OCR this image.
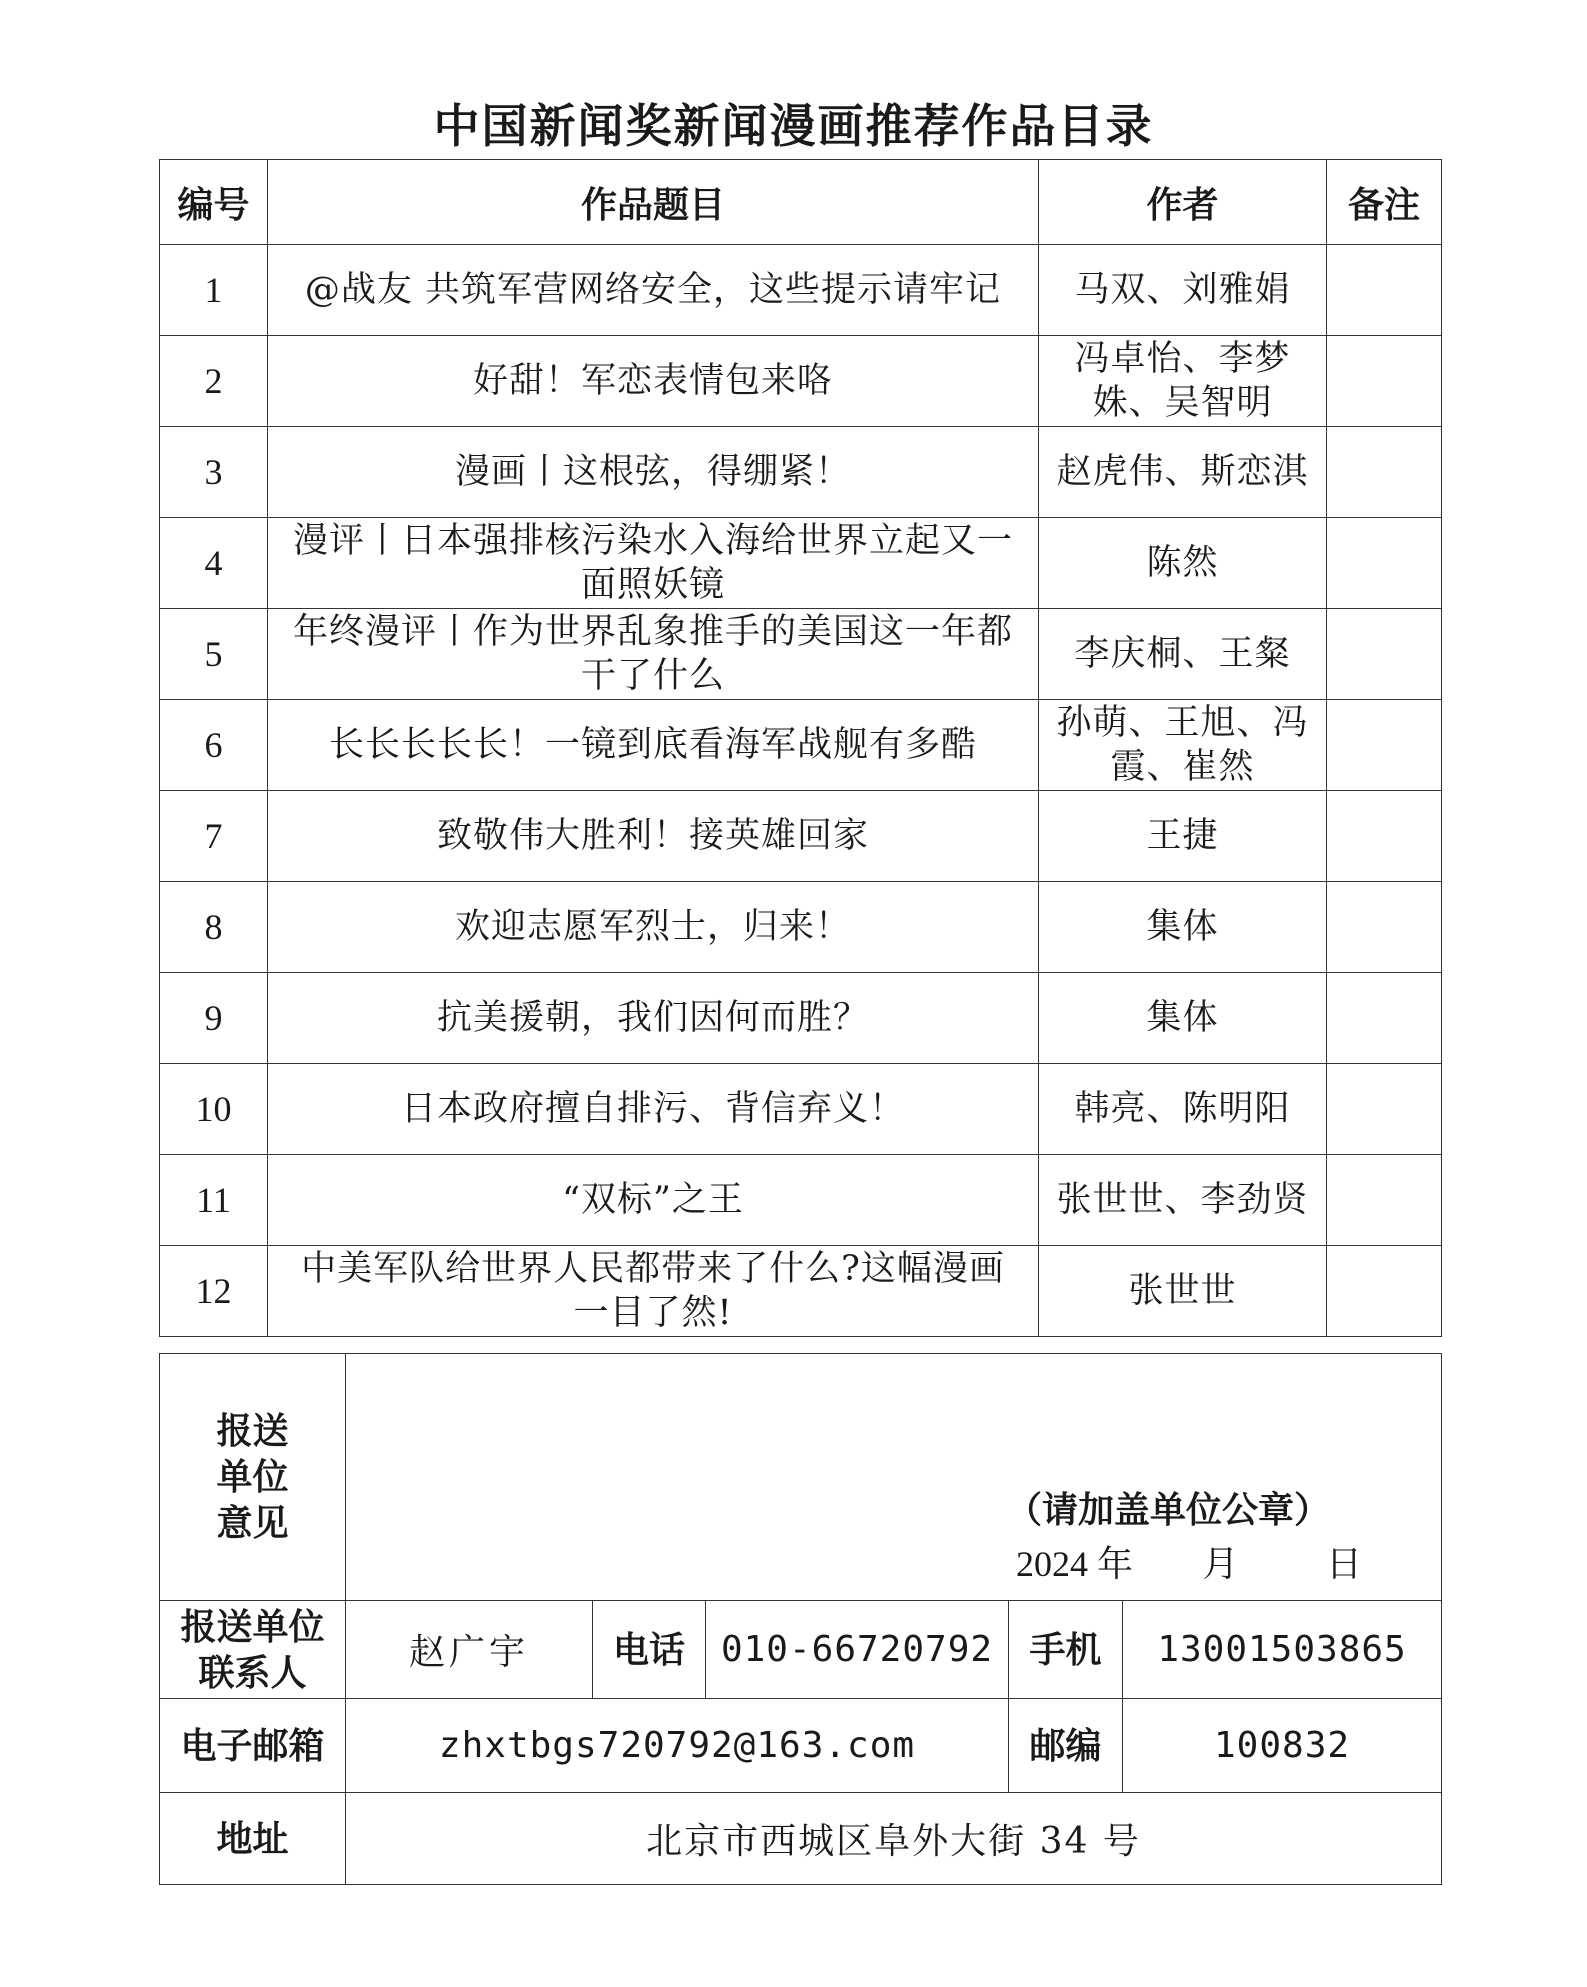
中国新闻奖新闻漫画推荐作品目录
编号	作品题目	作者	备注
1	@战友 共筑军营网络安全，这些提示请牢记	马双、刘雅娟	
2	好甜！军恋表情包来咯	冯卓怡、李梦姝、吴智明	
3	漫画丨这根弦，得绷紧！	赵虎伟、斯恋淇	
4	漫评丨日本强排核污染水入海给世界立起又一面照妖镜	陈然	
5	年终漫评丨作为世界乱象推手的美国这一年都干了什么	李庆桐、王粲	
6	长长长长长！一镜到底看海军战舰有多酷	孙萌、王旭、冯霞、崔然	
7	致敬伟大胜利！接英雄回家	王捷	
8	欢迎志愿军烈士，归来！	集体	
9	抗美援朝，我们因何而胜？	集体	
10	日本政府擅自排污、背信弃义！	韩亮、陈明阳	
11	“双标”之王	张世世、李劲贤	
12	中美军队给世界人民都带来了什么?这幅漫画一目了然!	张世世	
报送单位意见	（请加盖单位公章）
2024 年 月 日				

报送单位联系人	赵广宇	电话	010-66720792	手机	13001503865
电子邮箱	zhxtbgs720792@163.com			邮编	100832
地址	北京市西城区阜外大街 34 号				
